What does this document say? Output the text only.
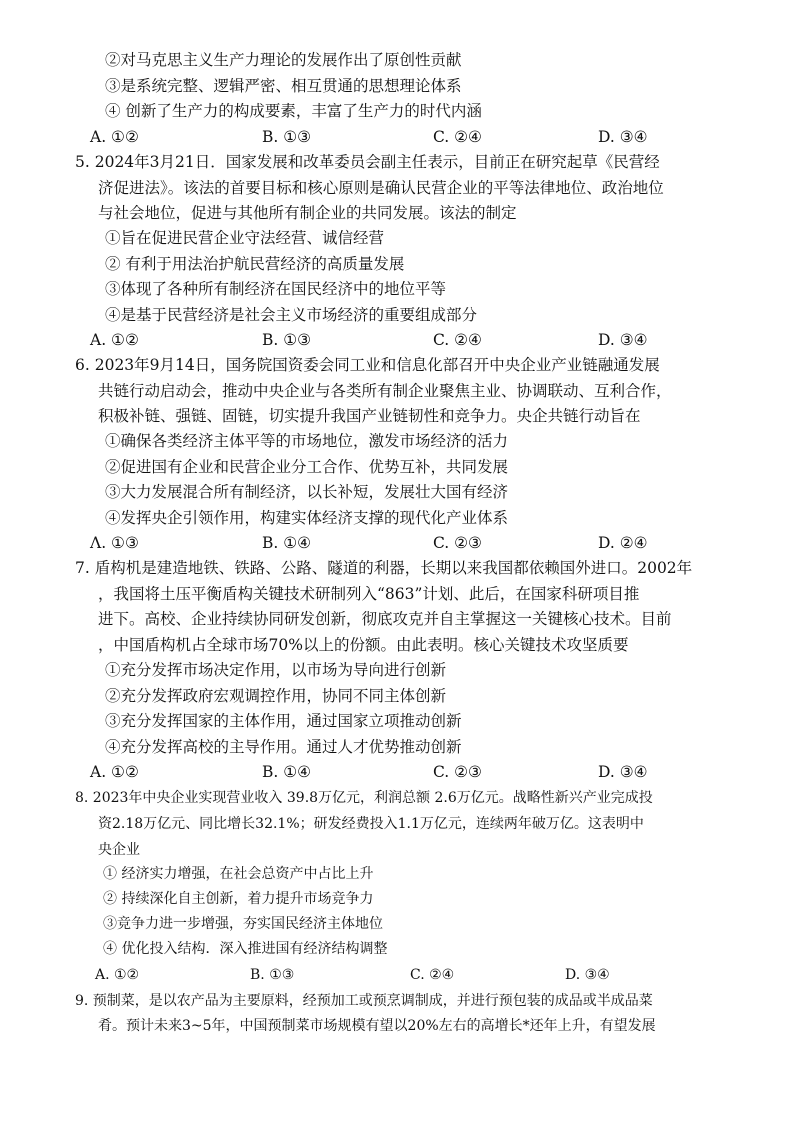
②对马克思主义生产力理论的发展作出了原创性贡献
③是系统完整、逻辑严密、相互贯通的思想理论体系
④ 创新了生产力的构成要素，丰富了生产力的时代内涵
A. ①②	B. ①③	C. ②④	D. ③④
5. 2024年3月21日．国家发展和改革委员会副主任表示，目前正在研究起草《民营经
济促进法》。该法的首要目标和核心原则是确认民营企业的平等法律地位、政治地位
与社会地位，促进与其他所有制企业的共同发展。该法的制定
①旨在促进民营企业守法经营、诚信经营
② 有利于用法治护航民营经济的高质量发展
③体现了各种所有制经济在国民经济中的地位平等
④是基于民营经济是社会主义市场经济的重要组成部分
A. ①②	B. ①③	C. ②④	D. ③④
6. 2023年9月14日，国务院国资委会同工业和信息化部召开中央企业产业链融通发展
共链行动启动会，推动中央企业与各类所有制企业聚焦主业、协调联动、互利合作，
积极补链、强链、固链，切实提升我国产业链韧性和竞争力。央企共链行动旨在
①确保各类经济主体平等的市场地位，激发市场经济的活力
②促进国有企业和民营企业分工合作、优势互补，共同发展
③大力发展混合所有制经济，以长补短，发展壮大国有经济
④发挥央企引领作用，构建实体经济支撑的现代化产业体系
Λ. ①③	B. ①④	C. ②③	D. ②④
7. 盾构机是建造地铁、铁路、公路、隧道的利器，长期以来我国都依赖国外进口。2002年
，我国将土压平衡盾构关键技术研制列入“863”计划、此后，在国家科研项目推
进下。高校、企业持续协同研发创新，彻底攻克并自主掌握这一关键核心技术。目前
，中国盾构机占全球市场70%以上的份额。由此表明。核心关键技术攻坚质要
①充分发挥市场决定作用，以市场为导向进行创新
②充分发挥政府宏观调控作用，协同不同主体创新
③充分发挥国家的主体作用，通过国家立项推动创新
④充分发挥高校的主导作用。通过人才优势推动创新
A. ①②	B. ①④	C. ②③	D. ③④
8. 2023年中央企业实现营业收入 39.8万亿元，利润总额 2.6万亿元。战略性新兴产业完成投
资2.18万亿元、同比增长32.1%；研发经费投入1.1万亿元，连续两年破万亿。这表明中
央企业
① 经济实力增强，在社会总资产中占比上升
② 持续深化自主创新，着力提升市场竞争力
③竞争力进一步增强，夯实国民经济主体地位
④ 优化投入结构．深入推进国有经济结构调整
A. ①②	B. ①③	C. ②④	D. ③④
9. 预制菜，是以农产品为主要原料，经预加工或预烹调制成，并进行预包装的成品或半成品菜
肴。预计未来3~5年，中国预制菜市场规模有望以20%左右的高增长*还年上升，有望发展
